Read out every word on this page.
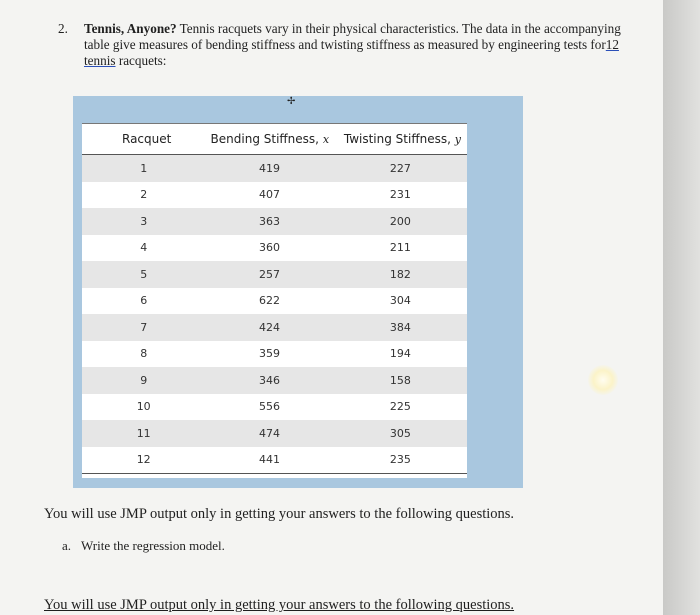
2. Tennis, Anyone? Tennis racquets vary in their physical characteristics. The data in the accompanying table give measures of bending stiffness and twisting stiffness as measured by engineering tests for12
tennis racquets:
✢
Racquet	Bending Stiffness, x	Twisting Stiffness, y
1	419	227
2	407	231
3	363	200
4	360	211
5	257	182
6	622	304
7	424	384
8	359	194
9	346	158
10	556	225
11	474	305
12	441	235
You will use JMP output only in getting your answers to the following questions.
a. Write the regression model.
You will use JMP output only in getting your answers to the following questions.
